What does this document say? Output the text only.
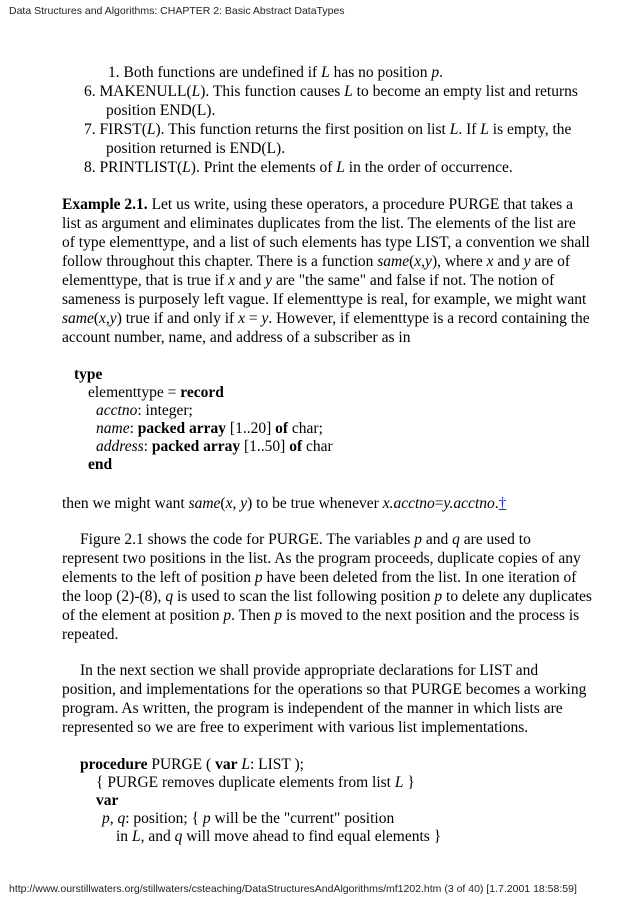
Data Structures and Algorithms: CHAPTER 2: Basic Abstract DataTypes
1. Both functions are undefined if L has no position p.
6. MAKENULL(L). This function causes L to become an empty list and returns
position END(L).
7. FIRST(L). This function returns the first position on list L. If L is empty, the
position returned is END(L).
8. PRINTLIST(L). Print the elements of L in the order of occurrence.
Example 2.1. Let us write, using these operators, a procedure PURGE that takes a
list as argument and eliminates duplicates from the list. The elements of the list are
of type elementtype, and a list of such elements has type LIST, a convention we shall
follow throughout this chapter. There is a function same(x,y), where x and y are of
elementtype, that is true if x and y are "the same" and false if not. The notion of
sameness is purposely left vague. If elementtype is real, for example, we might want
same(x,y) true if and only if x = y. However, if elementtype is a record containing the
account number, name, and address of a subscriber as in
type
elementtype = record
acctno: integer;
name: packed array [1..20] of char;
address: packed array [1..50] of char
end
then we might want same(x, y) to be true whenever x.acctno=y.acctno.†
Figure 2.1 shows the code for PURGE. The variables p and q are used to
represent two positions in the list. As the program proceeds, duplicate copies of any
elements to the left of position p have been deleted from the list. In one iteration of
the loop (2)-(8), q is used to scan the list following position p to delete any duplicates
of the element at position p. Then p is moved to the next position and the process is
repeated.
In the next section we shall provide appropriate declarations for LIST and
position, and implementations for the operations so that PURGE becomes a working
program. As written, the program is independent of the manner in which lists are
represented so we are free to experiment with various list implementations.
procedure PURGE ( var L: LIST );
{ PURGE removes duplicate elements from list L }
var
p, q: position; { p will be the "current" position
in L, and q will move ahead to find equal elements }
http://www.ourstillwaters.org/stillwaters/csteaching/DataStructuresAndAlgorithms/mf1202.htm (3 of 40) [1.7.2001 18:58:59]
